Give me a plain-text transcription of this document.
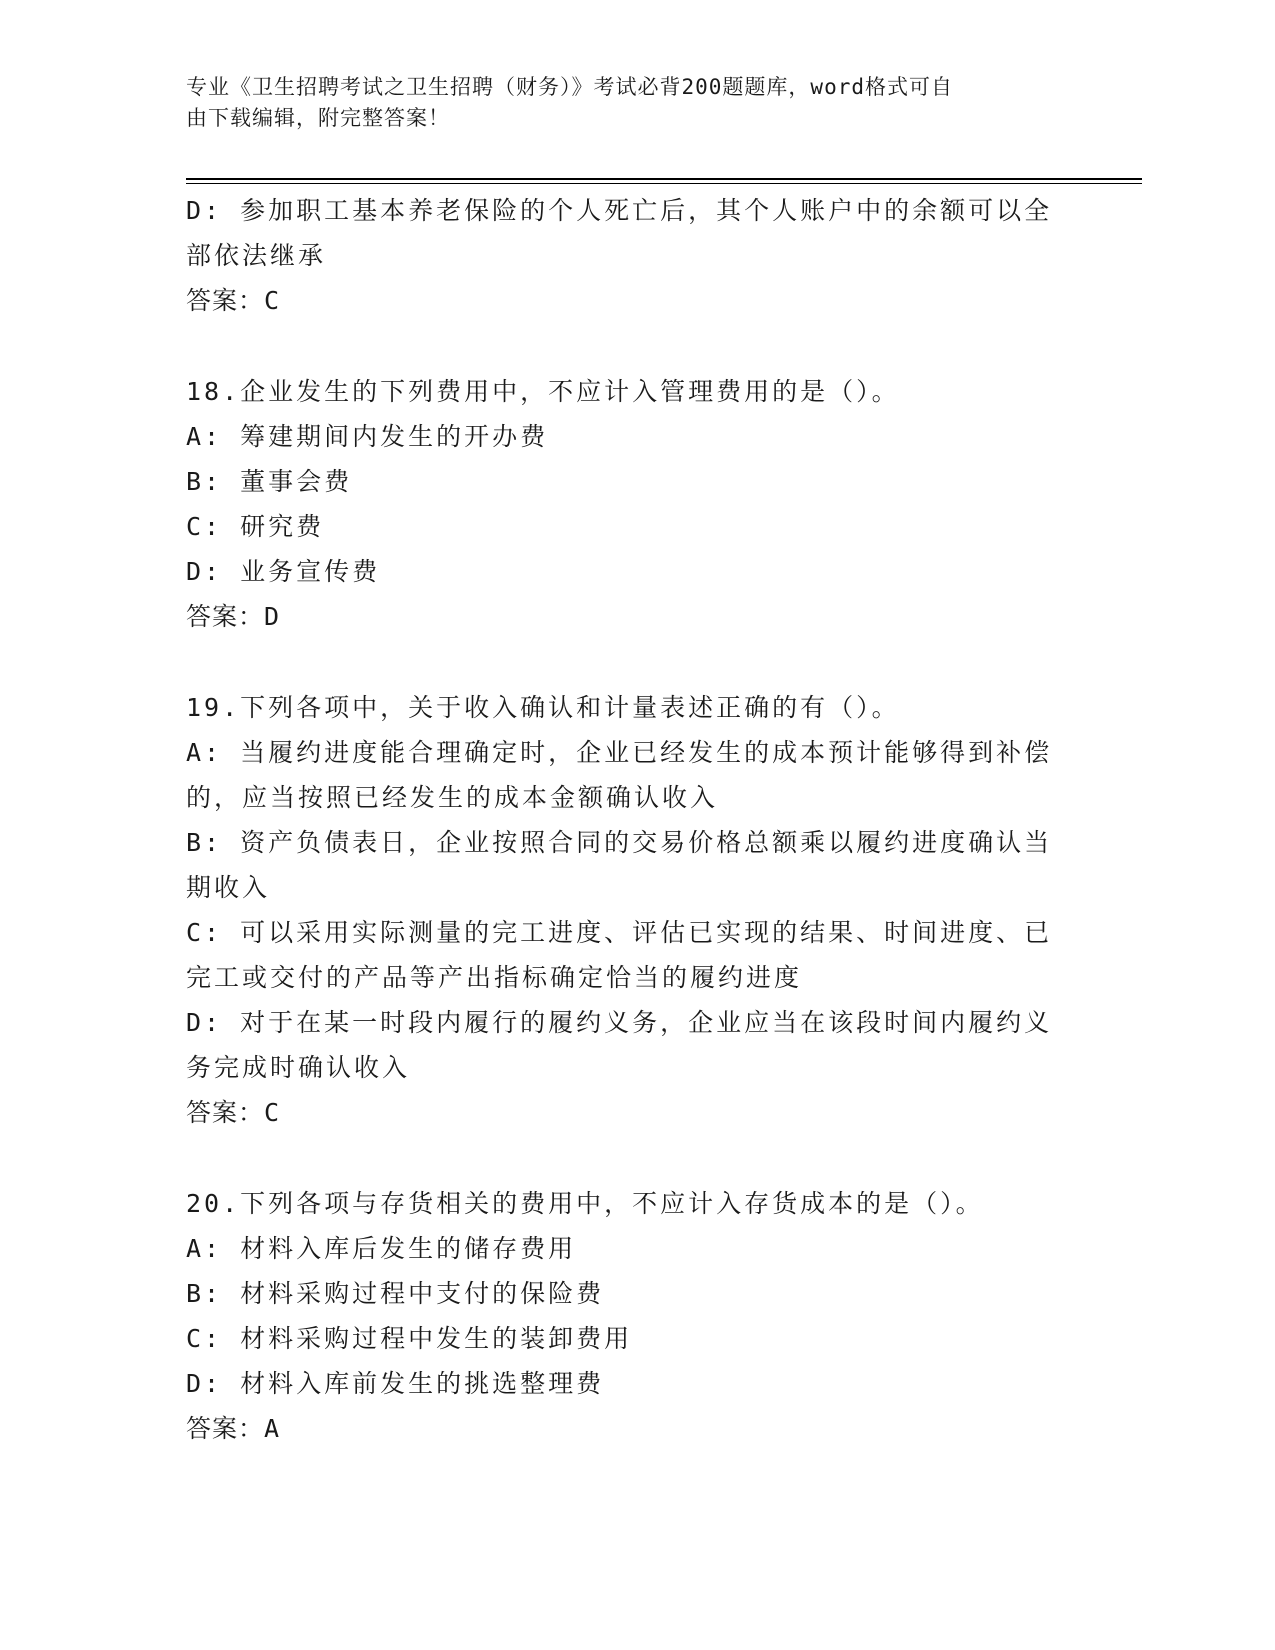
专业《卫生招聘考试之卫生招聘（财务）》考试必背200题题库，word格式可自
由下载编辑，附完整答案！
D: 参加职工基本养老保险的个人死亡后，其个人账户中的余额可以全
部依法继承
答案：C
18.企业发生的下列费用中，不应计入管理费用的是（）。
A: 筹建期间内发生的开办费
B: 董事会费
C: 研究费
D: 业务宣传费
答案：D
19.下列各项中，关于收入确认和计量表述正确的有（）。
A: 当履约进度能合理确定时，企业已经发生的成本预计能够得到补偿
的，应当按照已经发生的成本金额确认收入
B: 资产负债表日，企业按照合同的交易价格总额乘以履约进度确认当
期收入
C: 可以采用实际测量的完工进度、评估已实现的结果、时间进度、已
完工或交付的产品等产出指标确定恰当的履约进度
D: 对于在某一时段内履行的履约义务，企业应当在该段时间内履约义
务完成时确认收入
答案：C
20.下列各项与存货相关的费用中，不应计入存货成本的是（）。
A: 材料入库后发生的储存费用
B: 材料采购过程中支付的保险费
C: 材料采购过程中发生的装卸费用
D: 材料入库前发生的挑选整理费
答案：A
